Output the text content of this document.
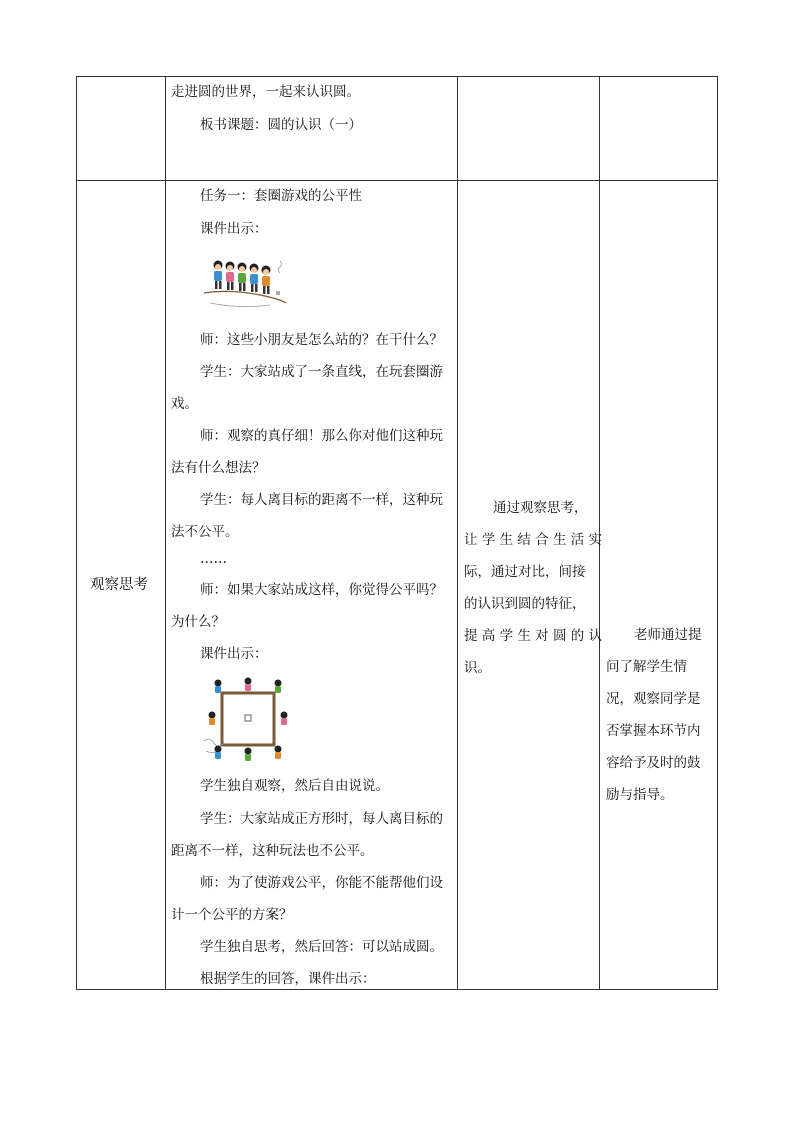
走进圆的世界，一起来认识圆。
板书课题：圆的认识（一）
观察思考
任务一：套圈游戏的公平性
课件出示：
师：这些小朋友是怎么站的？在干什么？
学生：大家站成了一条直线，在玩套圈游
戏。
师：观察的真仔细！那么你对他们这种玩
法有什么想法？
学生：每人离目标的距离不一样，这种玩
法不公平。
……
师：如果大家站成这样，你觉得公平吗？
为什么？
课件出示：
学生独自观察，然后自由说说。
学生：大家站成正方形时，每人离目标的
距离不一样，这种玩法也不公平。
师：为了使游戏公平，你能不能帮他们设
计一个公平的方案？
学生独自思考，然后回答：可以站成圆。
根据学生的回答，课件出示：
通过观察思考，
让 学 生 结 合 生 活 实
际，通过对比，间接
的认识到圆的特征，
提 高 学 生 对 圆 的 认
识。
老师通过提
问了解学生情
况，观察同学是
否掌握本环节内
容给予及时的鼓
励与指导。
